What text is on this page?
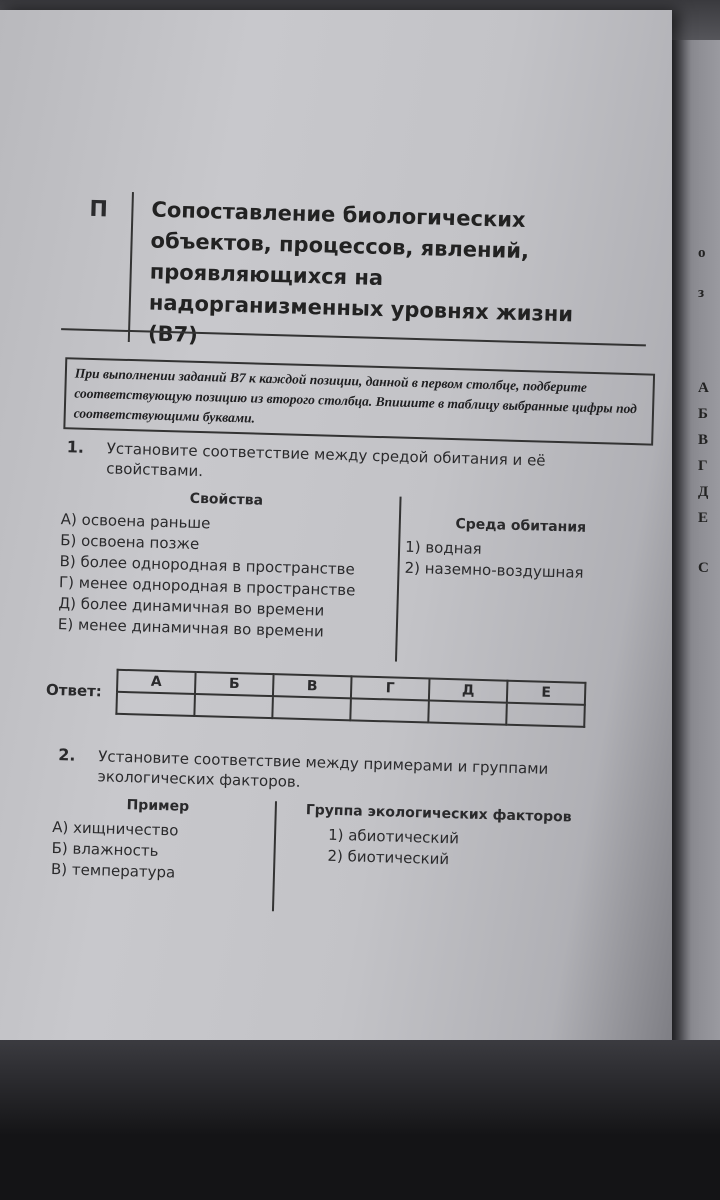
о
з
А
Б
В
Г
Д
Е
С
П Сопоставление биологических объектов, процессов, явлений, проявляющихся на надорганизменных уровнях жизни (B7)
При выполнении заданий B7 к каждой позиции, данной в первом столбце, подберите соответствующую позицию из второго столбца. Впишите в таблицу выбранные цифры под соответствующими буквами.
1. Установите соответствие между средой обитания и её свойствами.
Свойства
А) освоена раньше
Б) освоена позже
В) более однородная в пространстве
Г) менее однородная в пространстве
Д) более динамичная во времени
Е) менее динамичная во времени
Среда обитания
1) водная
2) наземно-воздушная
Ответ:	А	Б	В	Г	Д	Е

2. Установите соответствие между примерами и группами экологических факторов.
Пример
А) хищничество
Б) влажность
В) температура
Группа экологических факторов
1) абиотический
2) биотический
